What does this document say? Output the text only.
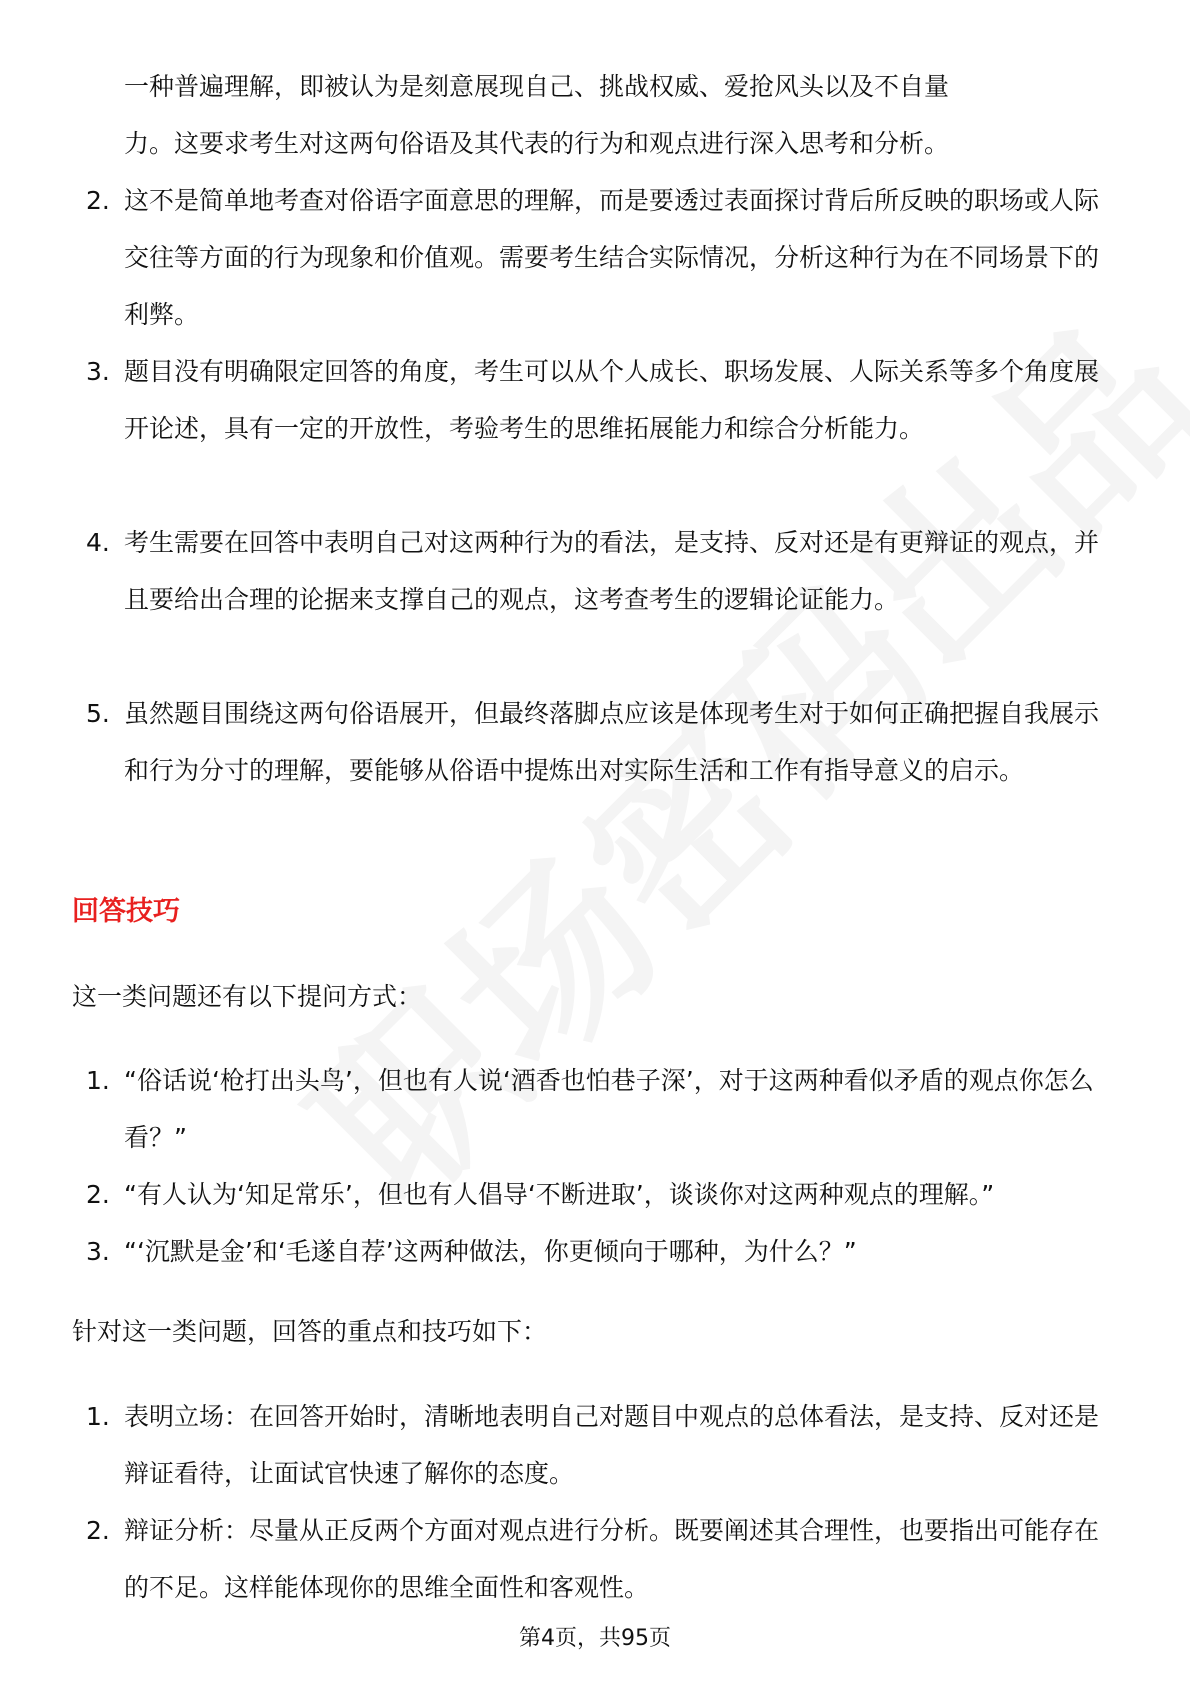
一种普遍理解，即被认为是刻意展现自己、挑战权威、爱抢风头以及不自量

力。这要求考生对这两句俗语及其代表的行为和观点进行深入思考和分析。

2. 这不是简单地考查对俗语字面意思的理解，而是要透过表面探讨背后所反映的职场或人际交往等方面的行为现象和价值观。需要考生结合实际情况，分析这种行为在不同场景下的利弊。
3. 题目没有明确限定回答的角度，考生可以从个人成长、职场发展、人际关系等多个角度展开论述，具有一定的开放性，考验考生的思维拓展能力和综合分析能力。
4. 考生需要在回答中表明自己对这两种行为的看法，是支持、反对还是有更辩证的观点，并且要给出合理的论据来支撑自己的观点，这考查考生的逻辑论证能力。
5. 虽然题目围绕这两句俗语展开，但最终落脚点应该是体现考生对于如何正确把握自我展示和行为分寸的理解，要能够从俗语中提炼出对实际生活和工作有指导意义的启示。
回答技巧

这一类问题还有以下提问方式：

1. “俗话说‘枪打出头鸟’，但也有人说‘酒香也怕巷子深’，对于这两种看似矛盾的观点你怎么看？”
2. “有人认为‘知足常乐’，但也有人倡导‘不断进取’，谈谈你对这两种观点的理解。”
3. “‘沉默是金’和‘毛遂自荐’这两种做法，你更倾向于哪种，为什么？”

针对这一类问题，回答的重点和技巧如下：

1. 表明立场：在回答开始时，清晰地表明自己对题目中观点的总体看法，是支持、反对还是辩证看待，让面试官快速了解你的态度。
2. 辩证分析：尽量从正反两个方面对观点进行分析。既要阐述其合理性，也要指出可能存在的不足。这样能体现你的思维全面性和客观性。
第4页，共95页
